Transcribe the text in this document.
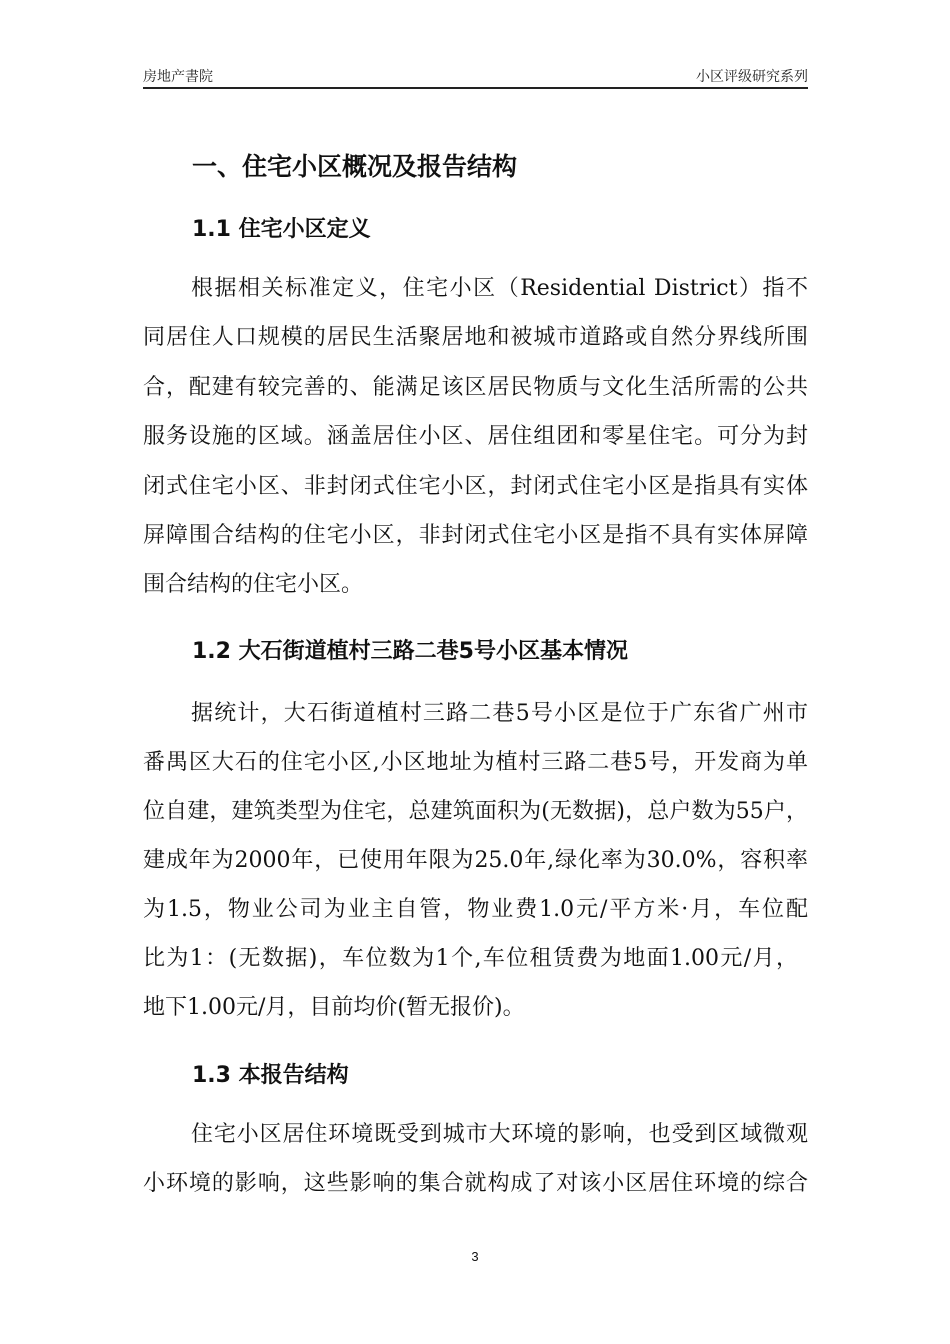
房地产書院	小区评级研究系列
一、住宅小区概况及报告结构
1.1 住宅小区定义
根据相关标准定义，住宅小区（Residential District）指不
同居住人口规模的居民生活聚居地和被城市道路或自然分界线所围
合，配建有较完善的、能满足该区居民物质与文化生活所需的公共
服务设施的区域。涵盖居住小区、居住组团和零星住宅。可分为封
闭式住宅小区、非封闭式住宅小区，封闭式住宅小区是指具有实体
屏障围合结构的住宅小区，非封闭式住宅小区是指不具有实体屏障
围合结构的住宅小区。
1.2 大石街道植村三路二巷5号小区基本情况
据统计，大石街道植村三路二巷5号小区是位于广东省广州市
番禺区大石的住宅小区,小区地址为植村三路二巷5号，开发商为单
位自建，建筑类型为住宅，总建筑面积为(无数据)，总户数为55户，
建成年为2000年，已使用年限为25.0年,绿化率为30.0%，容积率
为1.5，物业公司为业主自管，物业费1.0元/平方米·月，车位配
比为1：(无数据)，车位数为1个,车位租赁费为地面1.00元/月，
地下1.00元/月，目前均价(暂无报价)。
1.3 本报告结构
住宅小区居住环境既受到城市大环境的影响，也受到区域微观
小环境的影响，这些影响的集合就构成了对该小区居住环境的综合
3
